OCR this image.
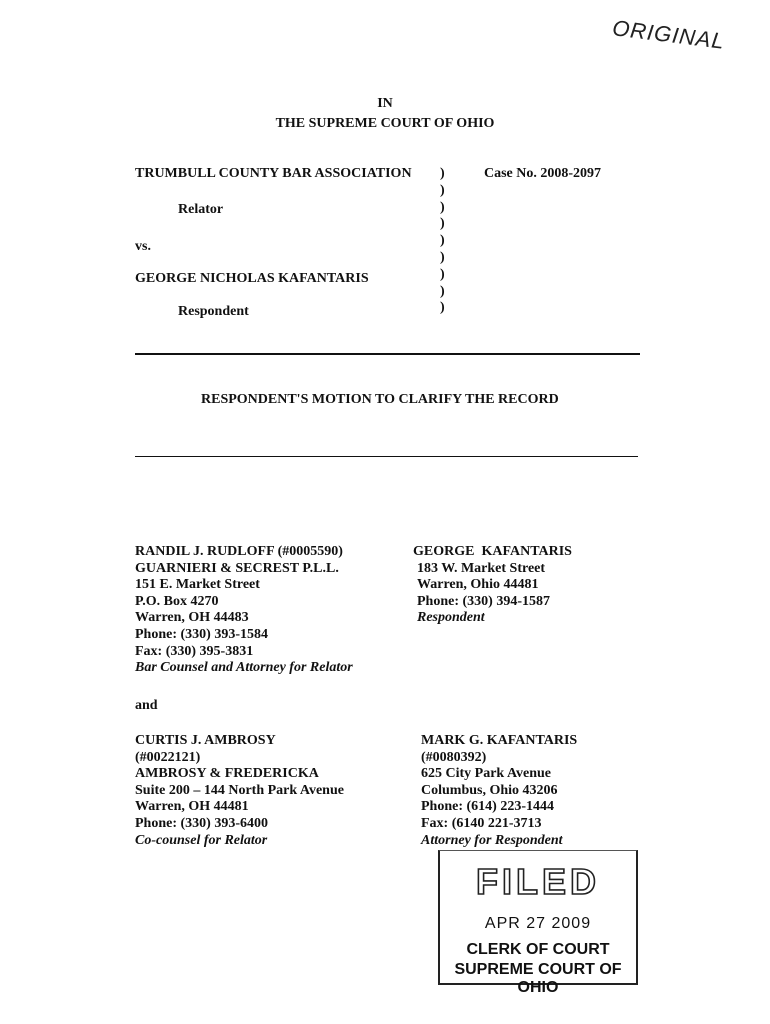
ORIGINAL
IN
THE SUPREME COURT OF OHIO
TRUMBULL COUNTY BAR ASSOCIATION
Relator
vs.
GEORGE NICHOLAS KAFANTARIS
Respondent
)
)
)
)
)
)
)
)
)
Case No. 2008-2097
RESPONDENT'S MOTION TO CLARIFY THE RECORD
RANDIL J. RUDLOFF (#0005590)
GUARNIERI & SECREST P.L.L.
151 E. Market Street
P.O. Box 4270
Warren, OH 44483
Phone: (330) 393-1584
Fax: (330) 395-3831
Bar Counsel and Attorney for Relator
and
CURTIS J. AMBROSY
(#0022121)
AMBROSY & FREDERICKA
Suite 200 – 144 North Park Avenue
Warren, OH 44481
Phone: (330) 393-6400
Co-counsel for Relator
GEORGE  KAFANTARIS
183 W. Market Street
Warren, Ohio 44481
Phone: (330) 394-1587
Respondent
MARK G. KAFANTARIS
(#0080392)
625 City Park Avenue
Columbus, Ohio 43206
Phone: (614) 223-1444
Fax: (6140 221-3713
Attorney for Respondent
FILED
APR 27 2009
CLERK OF COURT
SUPREME COURT OF OHIO
